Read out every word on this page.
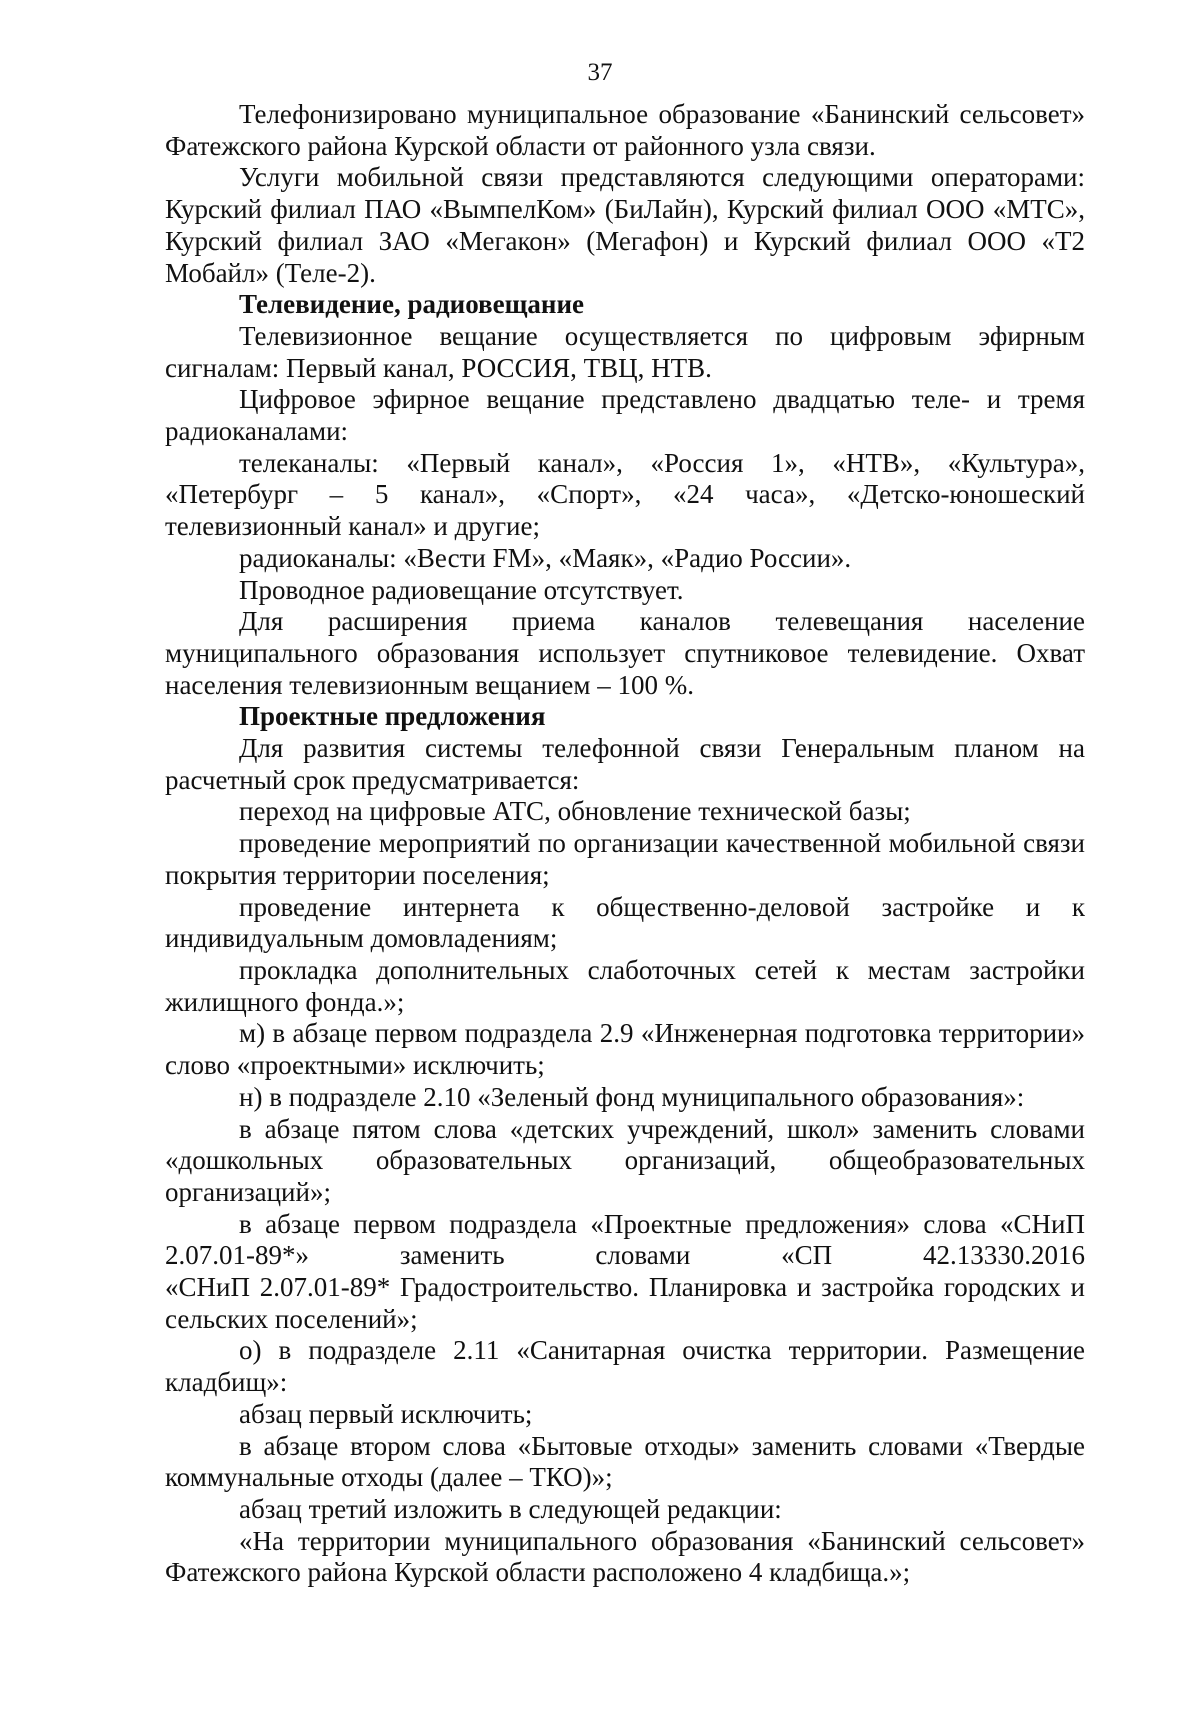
37

Телефонизировано муниципальное образование «Банинский сельсовет» Фатежского района Курской области от районного узла связи.

Услуги мобильной связи представляются следующими операторами: Курский филиал ПАО «ВымпелКом» (БиЛайн), Курский филиал ООО «МТС», Курский филиал ЗАО «Мегакон» (Мегафон) и Курский филиал ООО «Т2 Мобайл» (Теле-2).

Телевидение, радиовещание

Телевизионное вещание осуществляется по цифровым эфирным сигналам: Первый канал, РОССИЯ, ТВЦ, НТВ.

Цифровое эфирное вещание представлено двадцатью теле- и тремя радиоканалами:

телеканалы: «Первый канал», «Россия 1», «НТВ», «Культура», «Петербург – 5 канал», «Спорт», «24 часа», «Детско-юношеский телевизионный канал» и другие;

радиоканалы: «Вести FM», «Маяк», «Радио России».

Проводное радиовещание отсутствует.

Для расширения приема каналов телевещания население муниципального образования использует спутниковое телевидение. Охват населения телевизионным вещанием – 100 %.

Проектные предложения

Для развития системы телефонной связи Генеральным планом на расчетный срок предусматривается:

переход на цифровые АТС, обновление технической базы;

проведение мероприятий по организации качественной мобильной связи покрытия территории поселения;

проведение интернета к общественно-деловой застройке и к индивидуальным домовладениям;

прокладка дополнительных слаботочных сетей к местам застройки жилищного фонда.»;

м) в абзаце первом подраздела 2.9 «Инженерная подготовка территории» слово «проектными» исключить;

н) в подразделе 2.10 «Зеленый фонд муниципального образования»:

в абзаце пятом слова «детских учреждений, школ» заменить словами «дошкольных образовательных организаций, общеобразовательных организаций»;

в абзаце первом подраздела «Проектные предложения» слова «СНиП 2.07.01-89*» заменить словами «СП 42.13330.2016

«СНиП 2.07.01-89* Градостроительство. Планировка и застройка городских и сельских поселений»;

о) в подразделе 2.11 «Санитарная очистка территории. Размещение кладбищ»:

абзац первый исключить;

в абзаце втором слова «Бытовые отходы» заменить словами «Твердые коммунальные отходы (далее – ТКО)»;

абзац третий изложить в следующей редакции:

«На территории муниципального образования «Банинский сельсовет» Фатежского района Курской области расположено 4 кладбища.»;
